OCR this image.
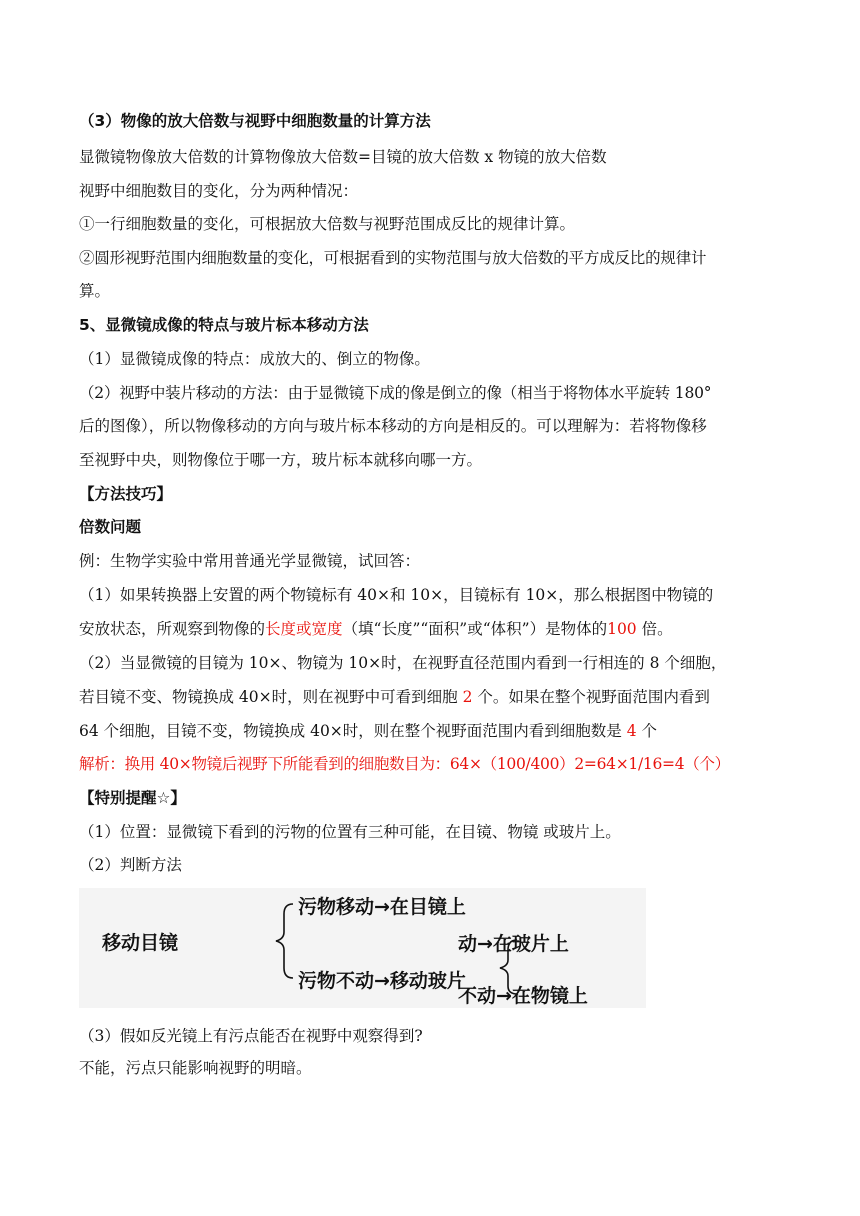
（3）物像的放大倍数与视野中细胞数量的计算方法
显微镜物像放大倍数的计算物像放大倍数=目镜的放大倍数 x 物镜的放大倍数
视野中细胞数目的变化，分为两种情况：
①一行细胞数量的变化，可根据放大倍数与视野范围成反比的规律计算。
②圆形视野范围内细胞数量的变化，可根据看到的实物范围与放大倍数的平方成反比的规律计
算。
5、显微镜成像的特点与玻片标本移动方法
（1）显微镜成像的特点：成放大的、倒立的物像。
（2）视野中装片移动的方法：由于显微镜下成的像是倒立的像（相当于将物体水平旋转 180°
后的图像），所以物像移动的方向与玻片标本移动的方向是相反的。可以理解为：若将物像移
至视野中央，则物像位于哪一方，玻片标本就移向哪一方。
【方法技巧】
倍数问题
例：生物学实验中常用普通光学显微镜，试回答：
（1）如果转换器上安置的两个物镜标有 40×和 10×，目镜标有 10×，那么根据图中物镜的
安放状态，所观察到物像的长度或宽度（填“长度”“面积”或“体积”）是物体的100 倍。
（2）当显微镜的目镜为 10×、物镜为 10×时，在视野直径范围内看到一行相连的 8 个细胞，
若目镜不变、物镜换成 40×时，则在视野中可看到细胞 2 个。如果在整个视野面范围内看到
64 个细胞，目镜不变，物镜换成 40×时，则在整个视野面范围内看到细胞数是 4 个
解析：换用 40×物镜后视野下所能看到的细胞数目为：64×（100/400）2=64×1/16=4（个）
【特别提醒☆】
（1）位置：显微镜下看到的污物的位置有三种可能，在目镜、物镜 或玻片上。
（2）判断方法
移动目镜
污物移动→在目镜上
污物不动→移动玻片
动→在玻片上
不动→在物镜上
（3）假如反光镜上有污点能否在视野中观察得到?
不能，污点只能影响视野的明暗。
